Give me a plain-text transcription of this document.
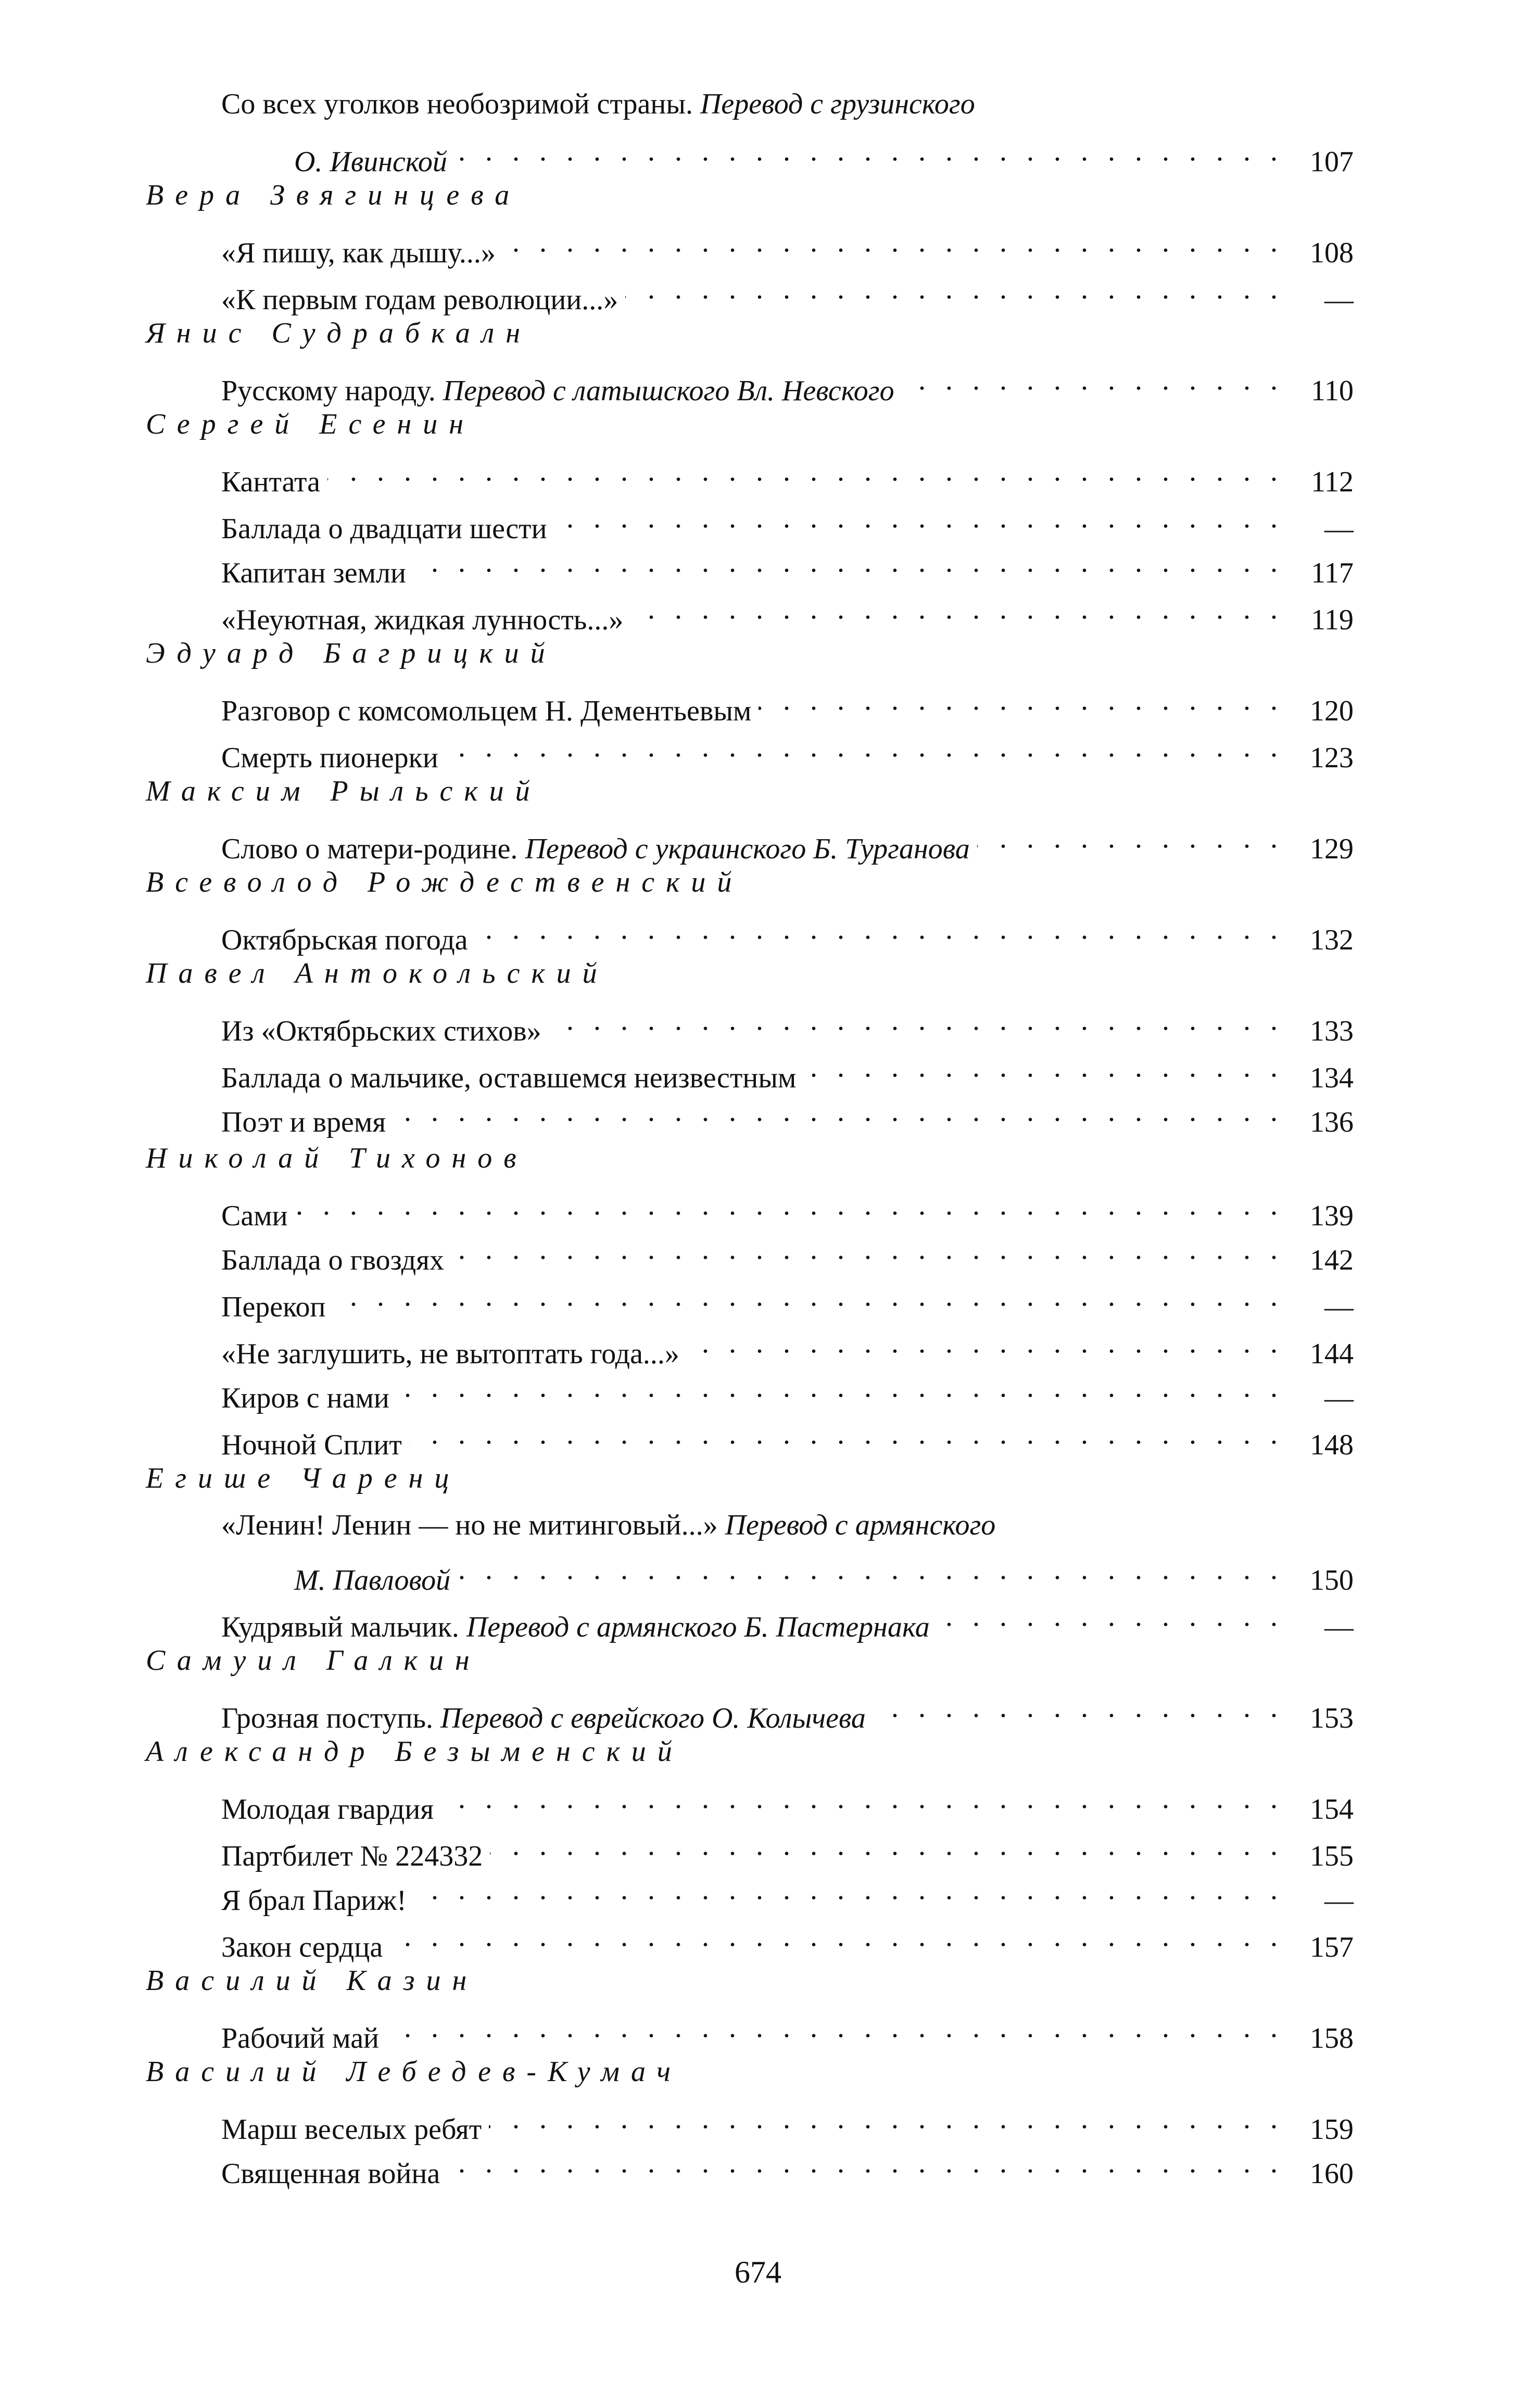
Со всех уголков необозримой страны. Перевод с грузинского
О. Ивинской . . .	107
Вера Звягинцева
«Я пишу, как дышу...» . . .	108
«К первым годам революции...» . . .	—
Янис Судрабкалн
Русскому народу. Перевод с латышского Вл. Невского . . .	110
Сергей Есенин
Кантата . . .	112
Баллада о двадцати шести . . .	—
Капитан земли . . .	117
«Неуютная, жидкая лунность...» . . .	119
Эдуард Багрицкий
Разговор с комсомольцем Н. Дементьевым . . .	120
Смерть пионерки . . .	123
Максим Рыльский
Слово о матери-родине. Перевод с украинского Б. Турганова . . .	129
Всеволод Рождественский
Октябрьская погода . . .	132
Павел Антокольский
Из «Октябрьских стихов» . . .	133
Баллада о мальчике, оставшемся неизвестным . . .	134
Поэт и время . . .	136
Николай Тихонов
Сами . . .	139
Баллада о гвоздях . . .	142
Перекоп . . .	—
«Не заглушить, не вытоптать года...» . . .	144
Киров с нами . . .	—
Ночной Сплит . . .	148
Егише Чаренц
«Ленин! Ленин — но не митинговый...» Перевод с армянского
М. Павловой . . .	150
Кудрявый мальчик. Перевод с армянского Б. Пастернака . . .	—
Самуил Галкин
Грозная поступь. Перевод с еврейского О. Колычева . . .	153
Александр Безыменский
Молодая гвардия . . .	154
Партбилет № 224332 . . .	155
Я брал Париж! . . .	—
Закон сердца . . .	157
Василий Казин
Рабочий май . . .	158
Василий Лебедев-Кумач
Марш веселых ребят . . .	159
Священная война . . .	160
674
